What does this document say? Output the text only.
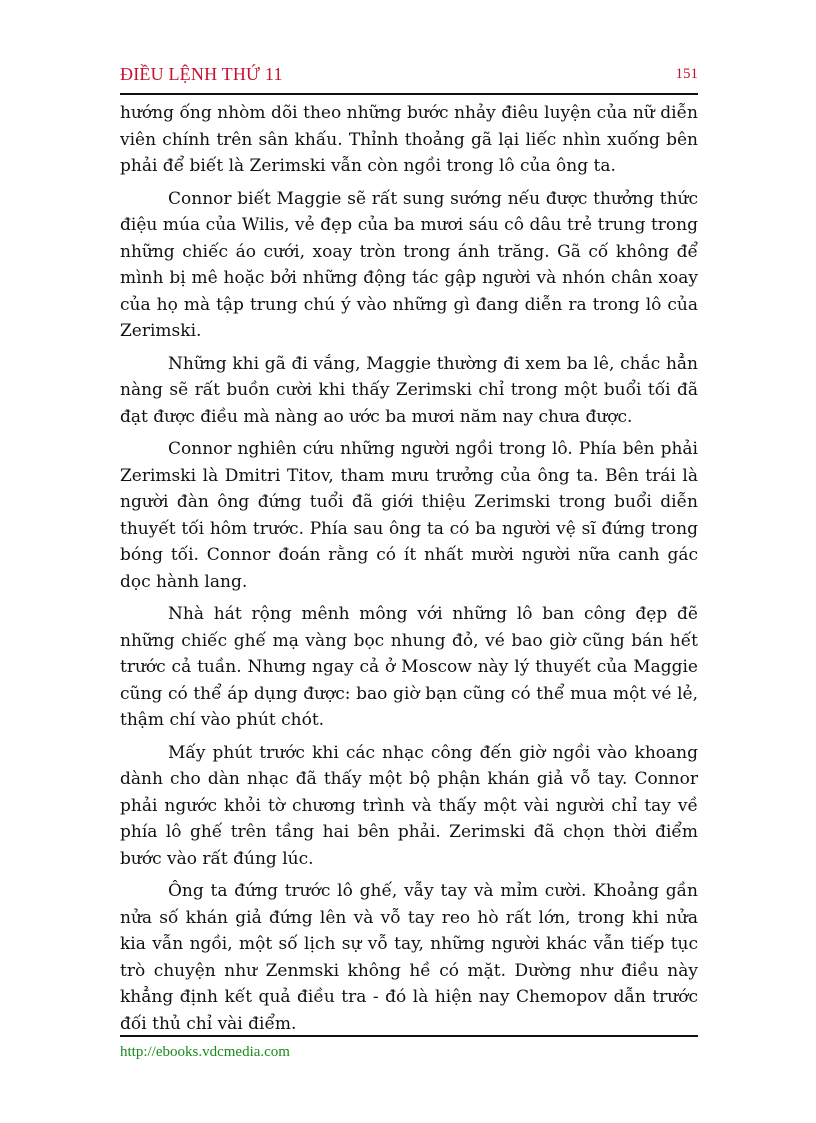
ĐIỀU LỆNH THỨ 11	151

hướng ống nhòm dõi theo những bước nhảy điêu luyện của nữ diễn viên chính trên sân khấu. Thỉnh thoảng gã lại liếc nhìn xuống bên phải để biết là Zerimski vẫn còn ngồi trong lô của ông ta.

Connor biết Maggie sẽ rất sung sướng nếu được thưởng thức điệu múa của Wilis, vẻ đẹp của ba mươi sáu cô dâu trẻ trung trong những chiếc áo cưới, xoay tròn trong ánh trăng. Gã cố không để mình bị mê hoặc bởi những động tác gập người và nhón chân xoay của họ mà tập trung chú ý vào những gì đang diễn ra trong lô của Zerimski.

Những khi gã đi vắng, Maggie thường đi xem ba lê, chắc hẳn nàng sẽ rất buồn cười khi thấy Zerimski chỉ trong một buổi tối đã đạt được điều mà nàng ao ước ba mươi năm nay chưa được.

Connor nghiên cứu những người ngồi trong lô. Phía bên phải Zerimski là Dmitri Titov, tham mưu trưởng của ông ta. Bên trái là người đàn ông đứng tuổi đã giới thiệu Zerimski trong buổi diễn thuyết tối hôm trước. Phía sau ông ta có ba người vệ sĩ đứng trong bóng tối. Connor đoán rằng có ít nhất mười người nữa canh gác dọc hành lang.

Nhà hát rộng mênh mông với những lô ban công đẹp đẽ những chiếc ghế mạ vàng bọc nhung đỏ, vé bao giờ cũng bán hết trước cả tuần. Nhưng ngay cả ở Moscow này lý thuyết của Maggie cũng có thể áp dụng được: bao giờ bạn cũng có thể mua một vé lẻ, thậm chí vào phút chót.

Mấy phút trước khi các nhạc công đến giờ ngồi vào khoang dành cho dàn nhạc đã thấy một bộ phận khán giả vỗ tay. Connor phải ngước khỏi tờ chương trình và thấy một vài người chỉ tay về phía lô ghế trên tầng hai bên phải. Zerimski đã chọn thời điểm bước vào rất đúng lúc.

Ông ta đứng trước lô ghế, vẫy tay và mỉm cười. Khoảng gần nửa số khán giả đứng lên và vỗ tay reo hò rất lớn, trong khi nửa kia vẫn ngồi, một số lịch sự vỗ tay, những người khác vẫn tiếp tục trò chuyện như Zenmski không hề có mặt. Dường như điều này khẳng định kết quả điều tra - đó là hiện nay Chemopov dẫn trước đối thủ chỉ vài điểm.

http://ebooks.vdcmedia.com
